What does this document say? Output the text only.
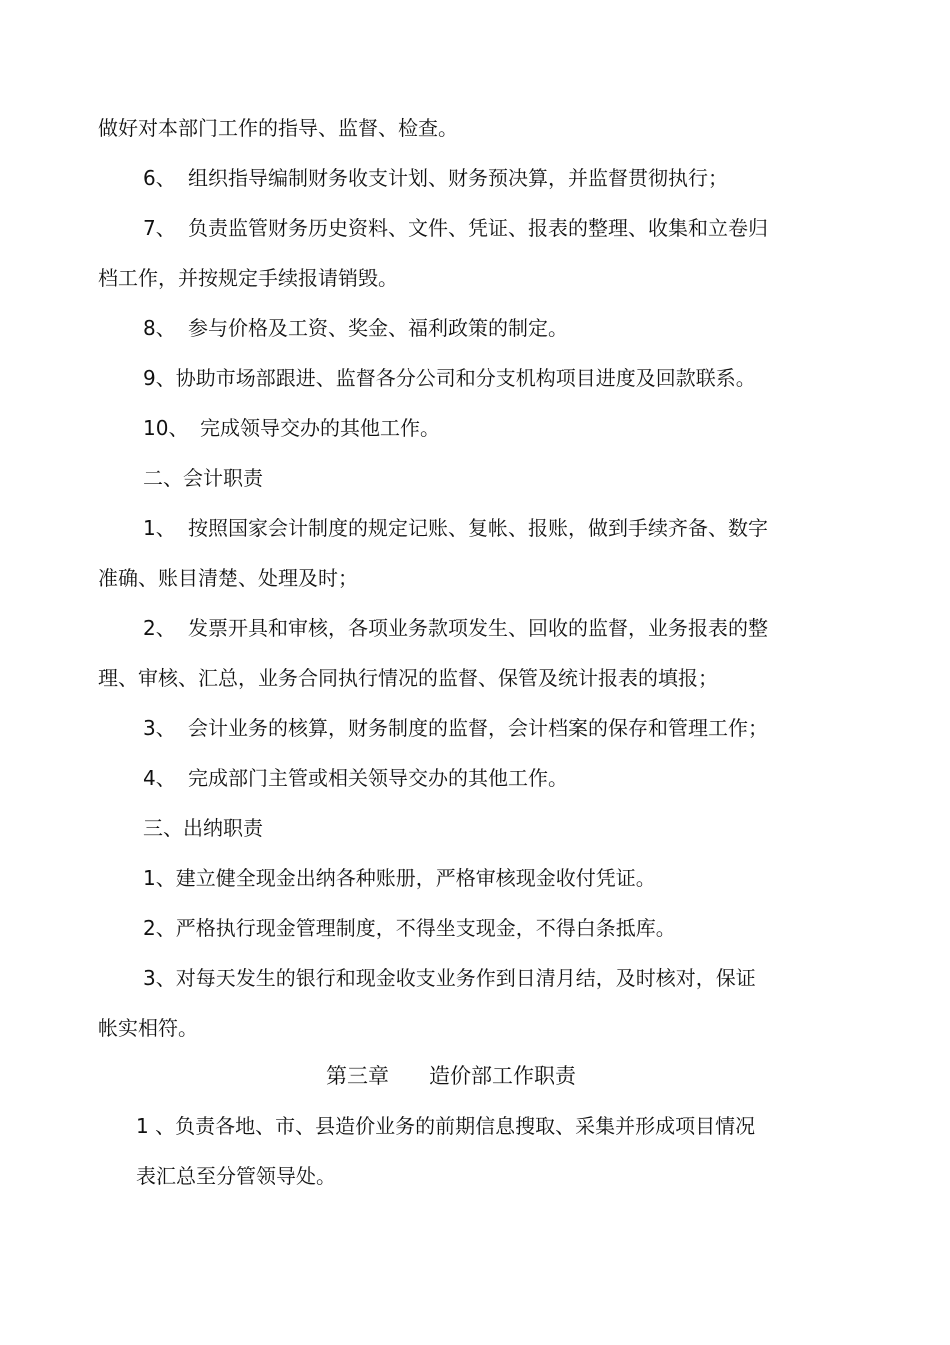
做好对本部门工作的指导、监督、检查。
6、 组织指导编制财务收支计划、财务预决算，并监督贯彻执行；
7、 负责监管财务历史资料、文件、凭证、报表的整理、收集和立卷归
档工作，并按规定手续报请销毁。
8、 参与价格及工资、奖金、福利政策的制定。
9、协助市场部跟进、监督各分公司和分支机构项目进度及回款联系。
10、 完成领导交办的其他工作。
二、会计职责
1、 按照国家会计制度的规定记账、复帐、报账，做到手续齐备、数字
准确、账目清楚、处理及时；
2、 发票开具和审核，各项业务款项发生、回收的监督，业务报表的整
理、审核、汇总，业务合同执行情况的监督、保管及统计报表的填报；
3、 会计业务的核算，财务制度的监督，会计档案的保存和管理工作；
4、 完成部门主管或相关领导交办的其他工作。
三、出纳职责
1、建立健全现金出纳各种账册，严格审核现金收付凭证。
2、严格执行现金管理制度，不得坐支现金，不得白条抵库。
3、对每天发生的银行和现金收支业务作到日清月结，及时核对，保证
帐实相符。
第三章 造价部工作职责
1 、负责各地、市、县造价业务的前期信息搜取、采集并形成项目情况
表汇总至分管领导处。
